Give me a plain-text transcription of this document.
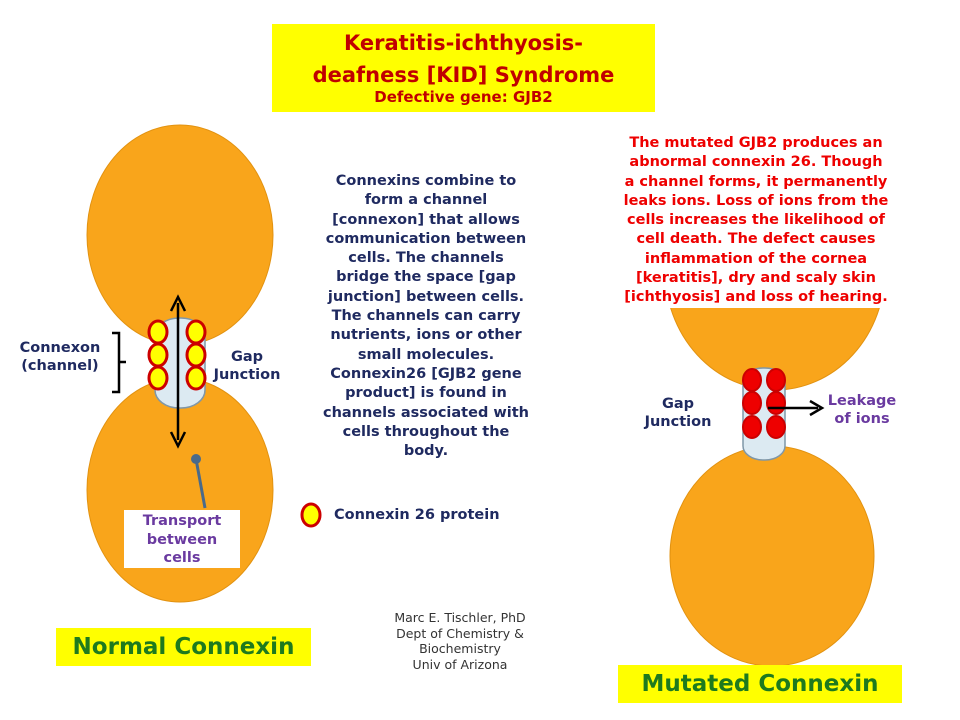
Keratitis-ichthyosis-
deafness [KID] Syndrome
Defective gene: GJB2
Connexon
(channel)
Gap
Junction
Transport
between
cells
Normal Connexin
Connexins combine to
form a channel
[connexon] that allows
communication between
cells. The channels
bridge the space [gap
junction] between cells.
The channels can carry
nutrients, ions or other
small molecules.
Connexin26 [GJB2 gene
product] is found in
channels associated with
cells throughout the
body.
Connexin 26 protein
The mutated GJB2 produces an
abnormal connexin 26. Though
a channel forms, it permanently
leaks ions. Loss of ions from the
cells increases the likelihood of
cell death. The defect causes
inflammation of the cornea
[keratitis], dry and scaly skin
[ichthyosis] and loss of hearing.
Gap
Junction
Leakage
of ions
Mutated Connexin
Marc E. Tischler, PhD
Dept of Chemistry &
Biochemistry
Univ of Arizona
